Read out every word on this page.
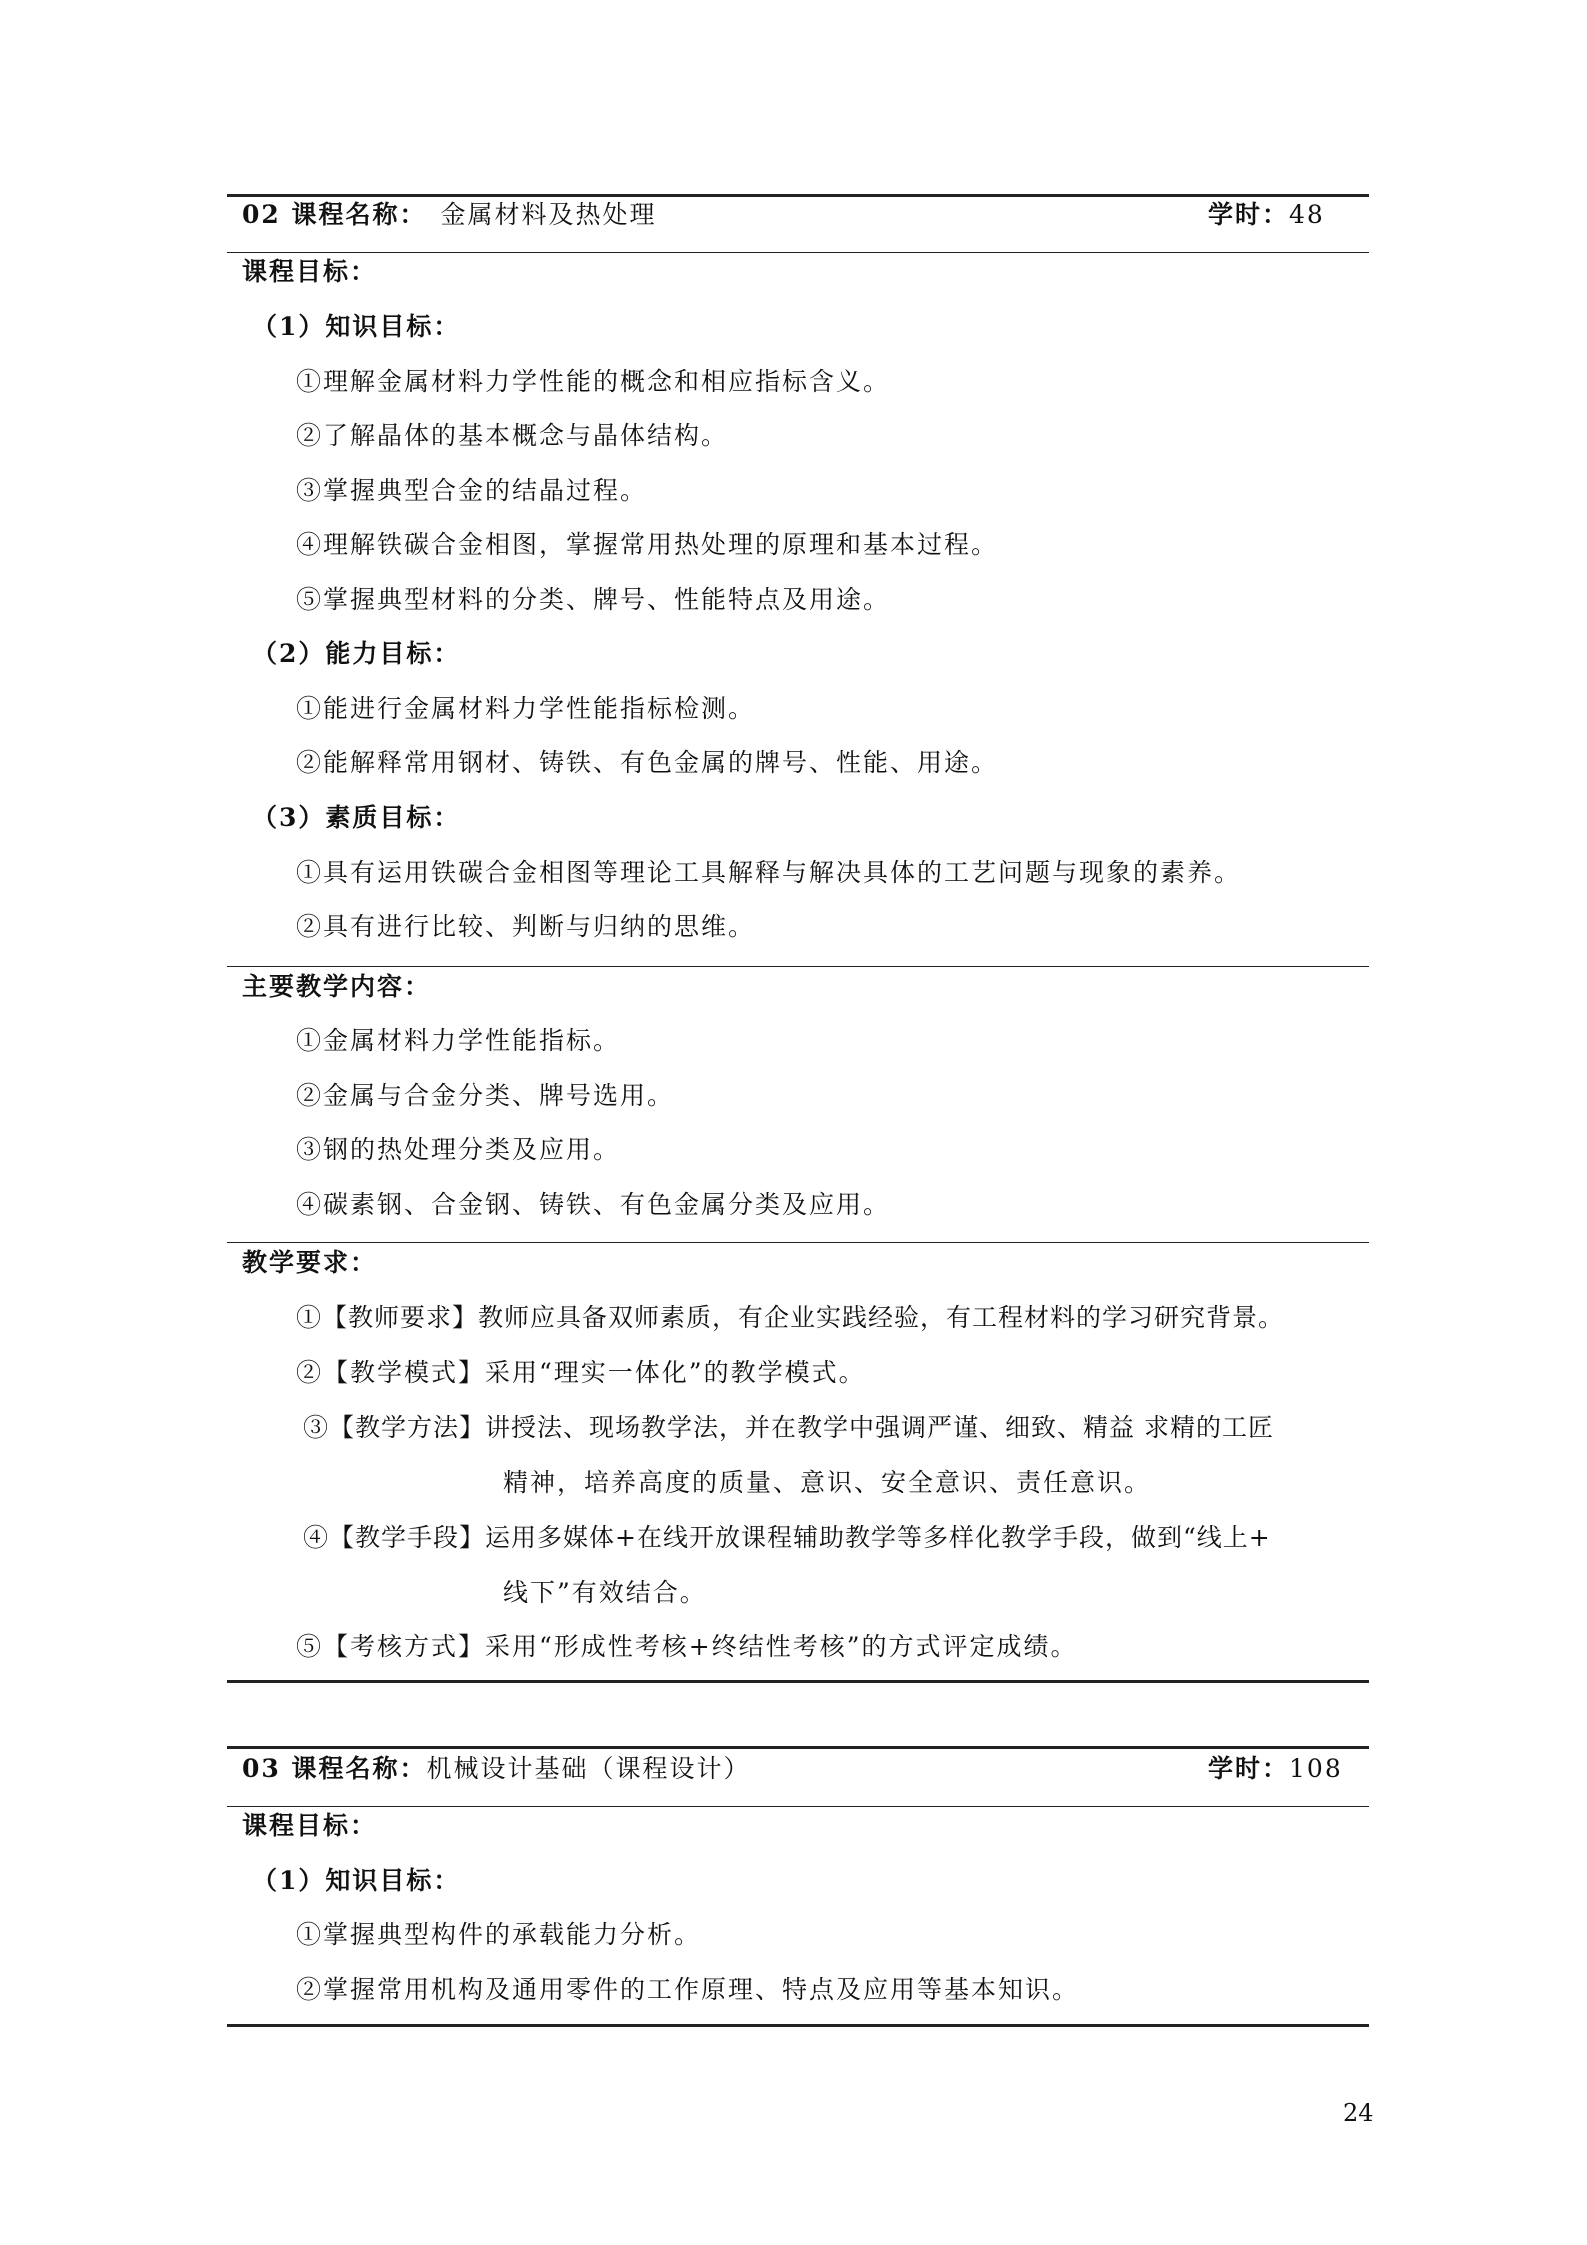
02 课程名称： 金属材料及热处理	学时：48
课程目标：
（1）知识目标：
①理解金属材料力学性能的概念和相应指标含义。
②了解晶体的基本概念与晶体结构。
③掌握典型合金的结晶过程。
④理解铁碳合金相图，掌握常用热处理的原理和基本过程。
⑤掌握典型材料的分类、牌号、性能特点及用途。
（2）能力目标：
①能进行金属材料力学性能指标检测。
②能解释常用钢材、铸铁、有色金属的牌号、性能、用途。
（3）素质目标：
①具有运用铁碳合金相图等理论工具解释与解决具体的工艺问题与现象的素养。
②具有进行比较、判断与归纳的思维。
主要教学内容：
①金属材料力学性能指标。
②金属与合金分类、牌号选用。
③钢的热处理分类及应用。
④碳素钢、合金钢、铸铁、有色金属分类及应用。
教学要求：
①【教师要求】教师应具备双师素质，有企业实践经验，有工程材料的学习研究背景。
②【教学模式】采用“理实一体化”的教学模式。
③【教学方法】讲授法、现场教学法，并在教学中强调严谨、细致、精益 求精的工匠
精神，培养高度的质量、意识、安全意识、责任意识。
④【教学手段】运用多媒体+在线开放课程辅助教学等多样化教学手段，做到“线上+
线下”有效结合。
⑤【考核方式】采用“形成性考核+终结性考核”的方式评定成绩。
03 课程名称：机械设计基础（课程设计）	学时：108
课程目标：
（1）知识目标：
①掌握典型构件的承载能力分析。
②掌握常用机构及通用零件的工作原理、特点及应用等基本知识。
24
